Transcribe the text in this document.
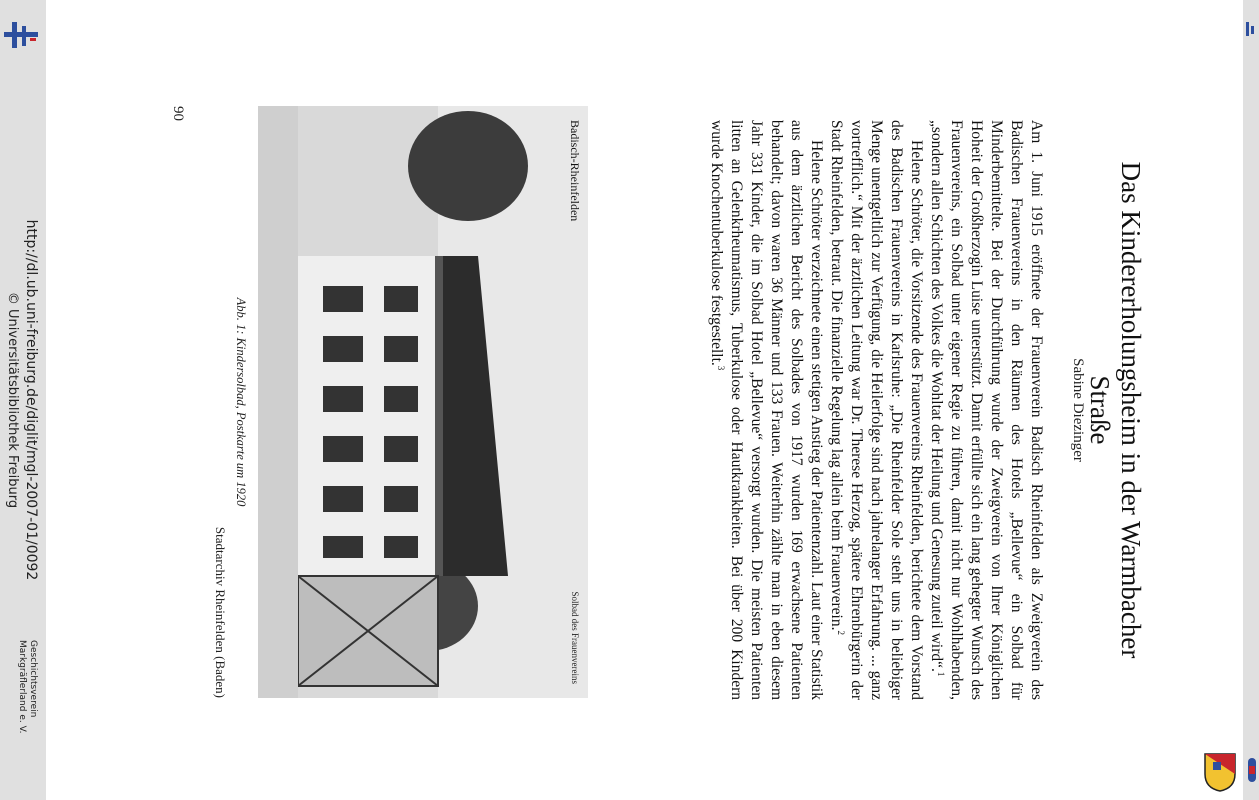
Das Kindererholungsheim in der Warmbacher Straße
Sabine Diezinger

Am 1. Juni 1915 eröffnete der Frauenverein Badisch Rheinfelden als Zweigverein des Badischen Frauenvereins in den Räumen des Hotels „Bellevue“ ein Solbad für Minderbemittelte. Bei der Durchführung wurde der Zweigverein von Ihrer Königlichen Hoheit der Großherzogin Luise unterstützt. Damit erfüllte sich ein lang gehegter Wunsch des Frauenvereins, ein Solbad unter eigener Regie zu führen, damit nicht nur Wohlhabenden, „sondern allen Schichten des Volkes die Wohltat der Heilung und Genesung zuteil wird“.$^1$

Helene Schröter, die Vorsitzende des Frauenvereins Rheinfelden, berichtete dem Vorstand des Badischen Frauenvereins in Karlsruhe: „Die Rheinfelder Sole steht uns in beliebiger Menge unentgeltlich zur Verfügung, die Heilerfolge sind nach jahrelanger Erfahrung. ... ganz vortrefflich.“ Mit der ärztlichen Leitung war Dr. Therese Herzog, spätere Ehrenbürgerin der Stadt Rheinfelden, betraut. Die finanzielle Regelung lag allein beim Frauenverein.$^2$

Helene Schröter verzeichnete einen stetigen Anstieg der Patientenzahl. Laut einer Statistik aus dem ärztlichen Bericht des Solbades von 1917 wurden 169 erwachsene Patienten behandelt; davon waren 36 Männer und 133 Frauen. Weiterhin zählte man in eben diesem Jahr 331 Kinder, die im Solbad Hotel „Bellevue“ versorgt wurden. Die meisten Patienten litten an Gelenkrheumatismus, Tuberkulose oder Hautkrankheiten. Bei über 200 Kindern wurde Knochentuberkulose festgestellt.$^3$

Badisch-Rheinfelden
Solbad des Frauenvereins
Abb. 1: Kindersolbad, Postkarte um 1920
Stadtarchiv Rheinfelden (Baden)
90
http://dl.ub.uni-freiburg.de/diglit/mgl-2007-01/0092
© Universitätsbibliothek Freiburg
Geschichtsverein
Markgräflerland e. V.
